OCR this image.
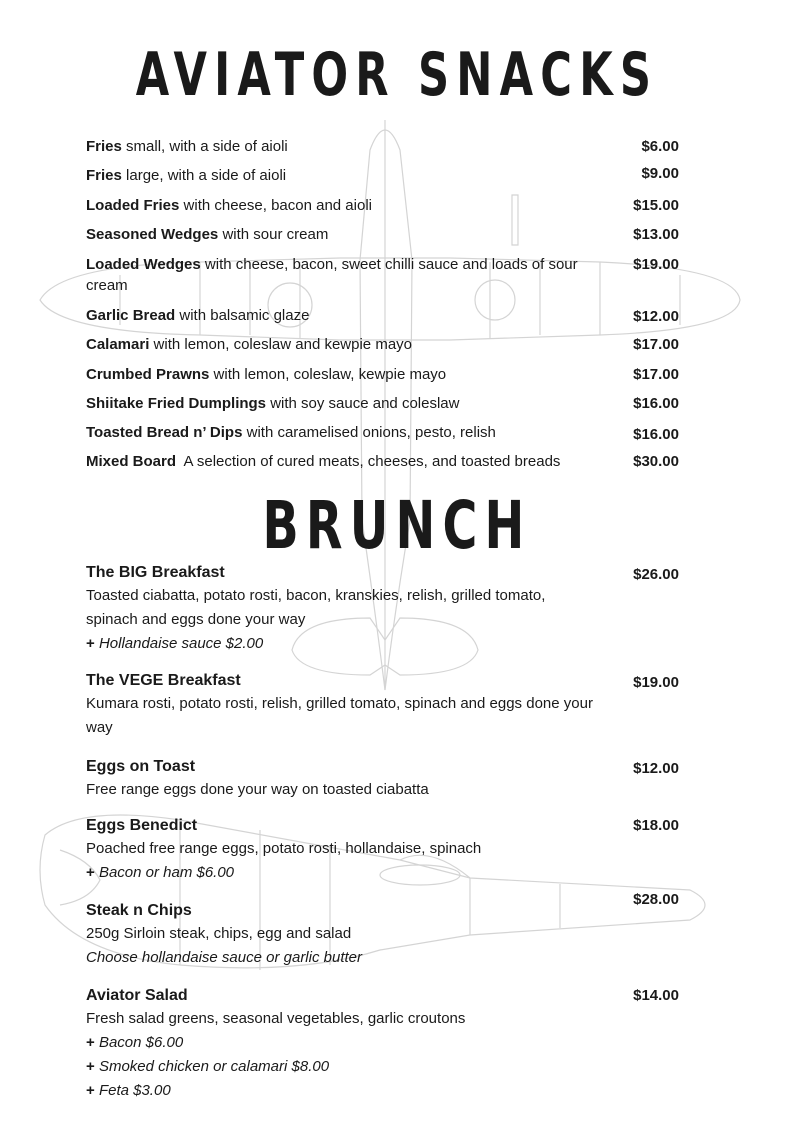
AVIATOR SNACKS
Fries small, with a side of aioli	$6.00
Fries large, with a side of aioli	$9.00
Loaded Fries with cheese, bacon and aioli	$15.00
Seasoned Wedges with sour cream	$13.00
Loaded Wedges with cheese, bacon, sweet chilli sauce and loads of sour cream
$19.00
Garlic Bread with balsamic glaze	$12.00
Calamari with lemon, coleslaw and kewpie mayo	$17.00
Crumbed Prawns with lemon, coleslaw, kewpie mayo	$17.00
Shiitake Fried Dumplings with soy sauce and coleslaw	$16.00
Toasted Bread n’ Dips with caramelised onions, pesto, relish	$16.00
Mixed Board  A selection of cured meats, cheeses, and toasted breads	$30.00
BRUNCH
The BIG Breakfast
Toasted ciabatta, potato rosti, bacon, kranskies, relish, grilled tomato, spinach and eggs done your way
+ Hollandaise sauce $2.00
$26.00
The VEGE Breakfast
Kumara rosti, potato rosti, relish, grilled tomato, spinach and eggs done your way
$19.00
Eggs on Toast
Free range eggs done your way on toasted ciabatta
$12.00
Eggs Benedict
Poached free range eggs, potato rosti, hollandaise, spinach
+ Bacon or ham $6.00
$18.00
Steak n Chips
250g Sirloin steak, chips, egg and salad
Choose hollandaise sauce or garlic butter
$28.00
Aviator Salad
Fresh salad greens, seasonal vegetables, garlic croutons
+ Bacon $6.00
+ Smoked chicken or calamari $8.00
+ Feta $3.00
$14.00
